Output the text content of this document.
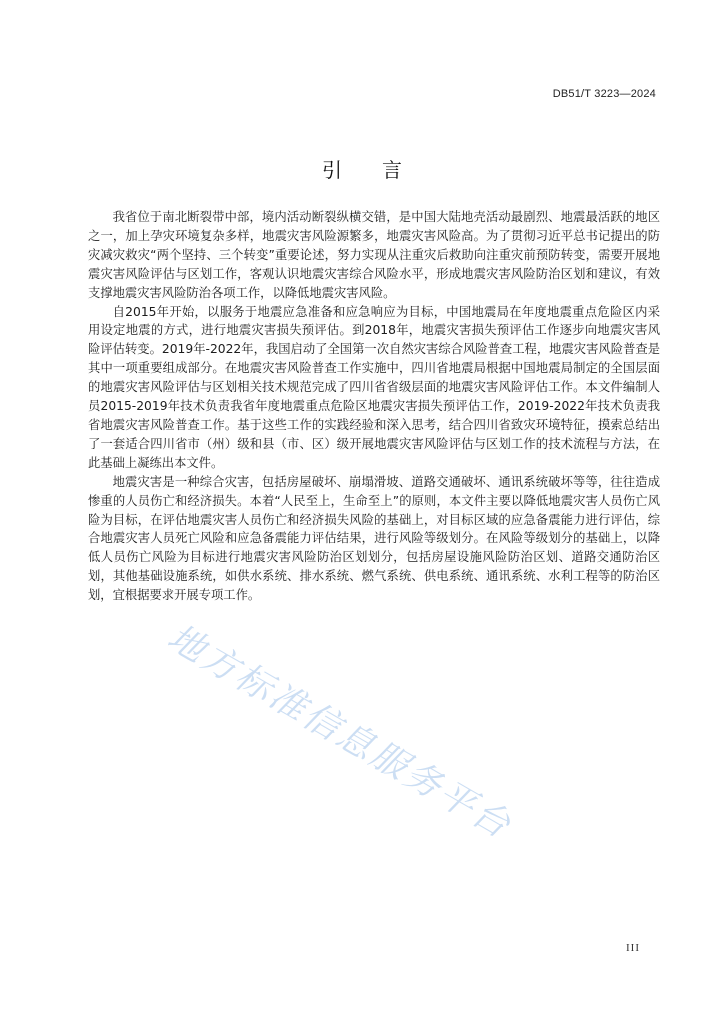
DB51/T 3223—2024
引言

我省位于南北断裂带中部，境内活动断裂纵横交错，是中国大陆地壳活动最剧烈、地震最活跃的地区之一，加上孕灾环境复杂多样，地震灾害风险源繁多，地震灾害风险高。为了贯彻习近平总书记提出的防灾减灾救灾“两个坚持、三个转变”重要论述，努力实现从注重灾后救助向注重灾前预防转变，需要开展地震灾害风险评估与区划工作，客观认识地震灾害综合风险水平，形成地震灾害风险防治区划和建议，有效支撑地震灾害风险防治各项工作，以降低地震灾害风险。

自2015年开始，以服务于地震应急准备和应急响应为目标，中国地震局在年度地震重点危险区内采用设定地震的方式，进行地震灾害损失预评估。到2018年，地震灾害损失预评估工作逐步向地震灾害风险评估转变。2019年-2022年，我国启动了全国第一次自然灾害综合风险普查工程，地震灾害风险普查是其中一项重要组成部分。在地震灾害风险普查工作实施中，四川省地震局根据中国地震局制定的全国层面的地震灾害风险评估与区划相关技术规范完成了四川省省级层面的地震灾害风险评估工作。本文件编制人员2015-2019年技术负责我省年度地震重点危险区地震灾害损失预评估工作，2019-2022年技术负责我省地震灾害风险普查工作。基于这些工作的实践经验和深入思考，结合四川省致灾环境特征，摸索总结出了一套适合四川省市（州）级和县（市、区）级开展地震灾害风险评估与区划工作的技术流程与方法，在此基础上凝练出本文件。

地震灾害是一种综合灾害，包括房屋破坏、崩塌滑坡、道路交通破坏、通讯系统破坏等等，往往造成惨重的人员伤亡和经济损失。本着“人民至上，生命至上”的原则，本文件主要以降低地震灾害人员伤亡风险为目标，在评估地震灾害人员伤亡和经济损失风险的基础上，对目标区域的应急备震能力进行评估，综合地震灾害人员死亡风险和应急备震能力评估结果，进行风险等级划分。在风险等级划分的基础上，以降低人员伤亡风险为目标进行地震灾害风险防治区划划分，包括房屋设施风险防治区划、道路交通防治区划，其他基础设施系统，如供水系统、排水系统、燃气系统、供电系统、通讯系统、水利工程等的防治区划，宜根据要求开展专项工作。

地方标准信息服务平台
III
